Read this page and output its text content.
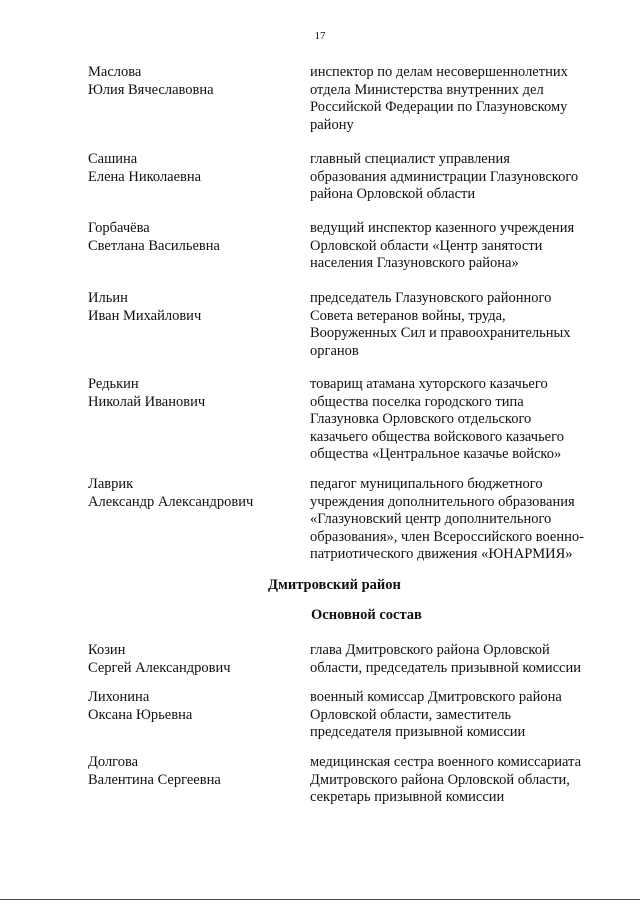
17
Маслова
Юлия Вячеславовна
инспектор по делам несовершеннолетних
отдела Министерства внутренних дел
Российской Федерации по Глазуновскому
району
Сашина
Елена Николаевна
главный специалист управления
образования администрации Глазуновского
района Орловской области
Горбачёва
Светлана Васильевна
ведущий инспектор казенного учреждения
Орловской области «Центр занятости
населения Глазуновского района»
Ильин
Иван Михайлович
председатель Глазуновского районного
Совета ветеранов войны, труда,
Вооруженных Сил и правоохранительных
органов
Редькин
Николай Иванович
товарищ атамана хуторского казачьего
общества поселка городского типа
Глазуновка Орловского отдельского
казачьего общества войскового казачьего
общества «Центральное казачье войско»
Лаврик
Александр Александрович
педагог муниципального бюджетного
учреждения дополнительного образования
«Глазуновский центр дополнительного
образования», член Всероссийского военно-
патриотического движения «ЮНАРМИЯ»
Дмитровский район
Основной состав
Козин
Сергей Александрович
глава Дмитровского района Орловской
области, председатель призывной комиссии
Лихонина
Оксана Юрьевна
военный комиссар Дмитровского района
Орловской области, заместитель
председателя призывной комиссии
Долгова
Валентина Сергеевна
медицинская сестра военного комиссариата
Дмитровского района Орловской области,
секретарь призывной комиссии
